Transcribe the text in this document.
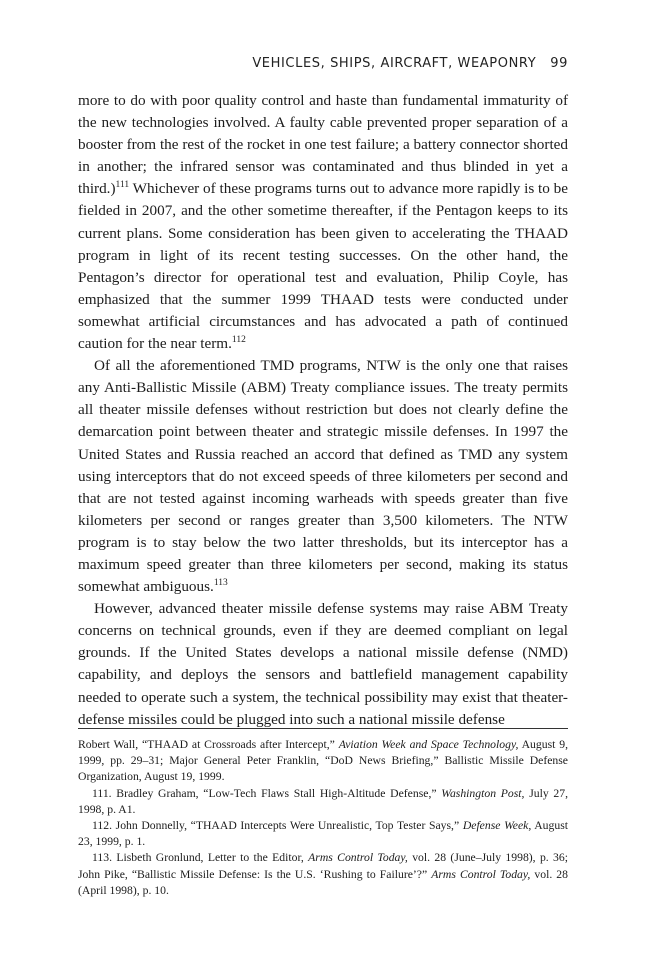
VEHICLES, SHIPS, AIRCRAFT, WEAPONRY 99

more to do with poor quality control and haste than fundamental immaturity of the new technologies involved. A faulty cable prevented proper separation of a booster from the rest of the rocket in one test failure; a battery connector shorted in another; the infrared sensor was contaminated and thus blinded in yet a third.)$^{111}$ Whichever of these programs turns out to advance more rapidly is to be fielded in 2007, and the other sometime thereafter, if the Pentagon keeps to its current plans. Some consideration has been given to accelerating the THAAD program in light of its recent testing successes. On the other hand, the Pentagon’s director for operational test and evaluation, Philip Coyle, has emphasized that the summer 1999 THAAD tests were conducted under somewhat artificial circumstances and has advocated a path of continued caution for the near term.$^{112}$

Of all the aforementioned TMD programs, NTW is the only one that raises any Anti-Ballistic Missile (ABM) Treaty compliance issues. The treaty permits all theater missile defenses without restriction but does not clearly define the demarcation point between theater and strategic missile defenses. In 1997 the United States and Russia reached an accord that defined as TMD any system using interceptors that do not exceed speeds of three kilometers per second and that are not tested against incoming warheads with speeds greater than five kilometers per second or ranges greater than 3,500 kilometers. The NTW program is to stay below the two latter thresholds, but its interceptor has a maximum speed greater than three kilometers per second, making its status somewhat ambiguous.$^{113}$

However, advanced theater missile defense systems may raise ABM Treaty concerns on technical grounds, even if they are deemed compliant on legal grounds. If the United States develops a national missile defense (NMD) capability, and deploys the sensors and battlefield management capability needed to operate such a system, the technical possibility may exist that theater-defense missiles could be plugged into such a national missile defense

Robert Wall, “THAAD at Crossroads after Intercept,” Aviation Week and Space Technology, August 9, 1999, pp. 29–31; Major General Peter Franklin, “DoD News Briefing,” Ballistic Missile Defense Organization, August 19, 1999.

111. Bradley Graham, “Low-Tech Flaws Stall High-Altitude Defense,” Washington Post, July 27, 1998, p. A1.

112. John Donnelly, “THAAD Intercepts Were Unrealistic, Top Tester Says,” Defense Week, August 23, 1999, p. 1.

113. Lisbeth Gronlund, Letter to the Editor, Arms Control Today, vol. 28 (June–July 1998), p. 36; John Pike, “Ballistic Missile Defense: Is the U.S. ‘Rushing to Failure’?” Arms Control Today, vol. 28 (April 1998), p. 10.
